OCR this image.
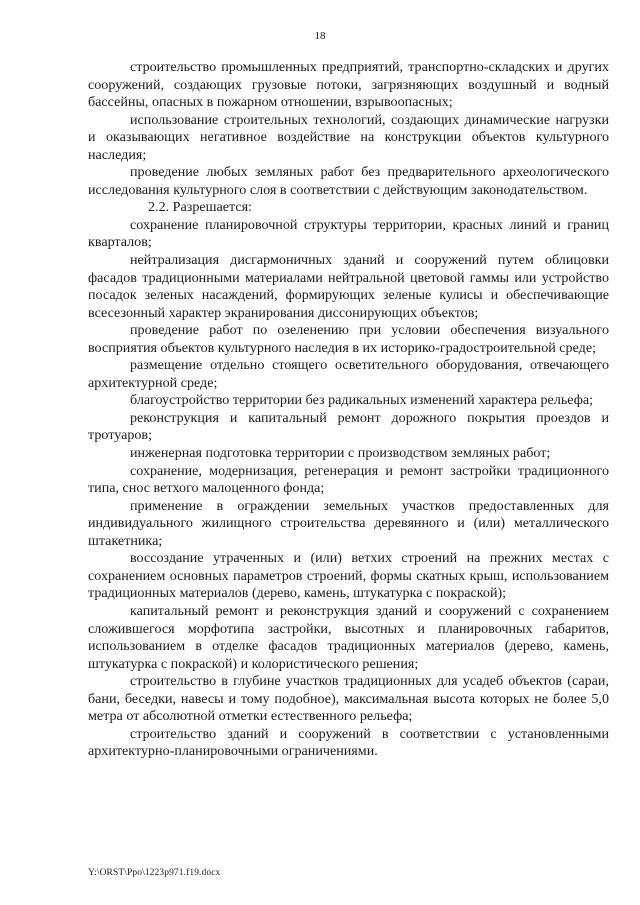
18

строительство промышленных предприятий, транспортно-складских и других сооружений, создающих грузовые потоки, загрязняющих воздушный и водный бассейны, опасных в пожарном отношении, взрывоопасных;

использование строительных технологий, создающих динамические нагрузки и оказывающих негативное воздействие на конструкции объектов культурного наследия;

проведение любых земляных работ без предварительного археологического исследования культурного слоя в соответствии с действующим законодательством.

2.2. Разрешается:

сохранение планировочной структуры территории, красных линий и границ кварталов;

нейтрализация дисгармоничных зданий и сооружений путем облицовки фасадов традиционными материалами нейтральной цветовой гаммы или устройство посадок зеленых насаждений, формирующих зеленые кулисы и обеспечивающие всесезонный характер экранирования диссонирующих объектов;

проведение работ по озеленению при условии обеспечения визуального восприятия объектов культурного наследия в их историко-градостроительной среде;

размещение отдельно стоящего осветительного оборудования, отвечающего архитектурной среде;

благоустройство территории без радикальных изменений характера рельефа;

реконструкция и капитальный ремонт дорожного покрытия проездов и тротуаров;

инженерная подготовка территории с производством земляных работ;

сохранение, модернизация, регенерация и ремонт застройки традиционного типа, снос ветхого малоценного фонда;

применение в ограждении земельных участков предоставленных для индивидуального жилищного строительства деревянного и (или) металлического штакетника;

воссоздание утраченных и (или) ветхих строений на прежних местах с сохранением основных параметров строений, формы скатных крыш, использованием традиционных материалов (дерево, камень, штукатурка с покраской);

капитальный ремонт и реконструкция зданий и сооружений с сохранением сложившегося морфотипа застройки, высотных и планировочных габаритов, использованием в отделке фасадов традиционных материалов (дерево, камень, штукатурка с покраской) и колористического решения;

строительство в глубине участков традиционных для усадеб объектов (сараи, бани, беседки, навесы и тому подобное), максимальная высота которых не более 5,0 метра от абсолютной отметки естественного рельефа;

строительство зданий и сооружений в соответствии с установленными архитектурно-планировочными ограничениями.

Y:\ORST\Ppo\1223p971.f19.docx
